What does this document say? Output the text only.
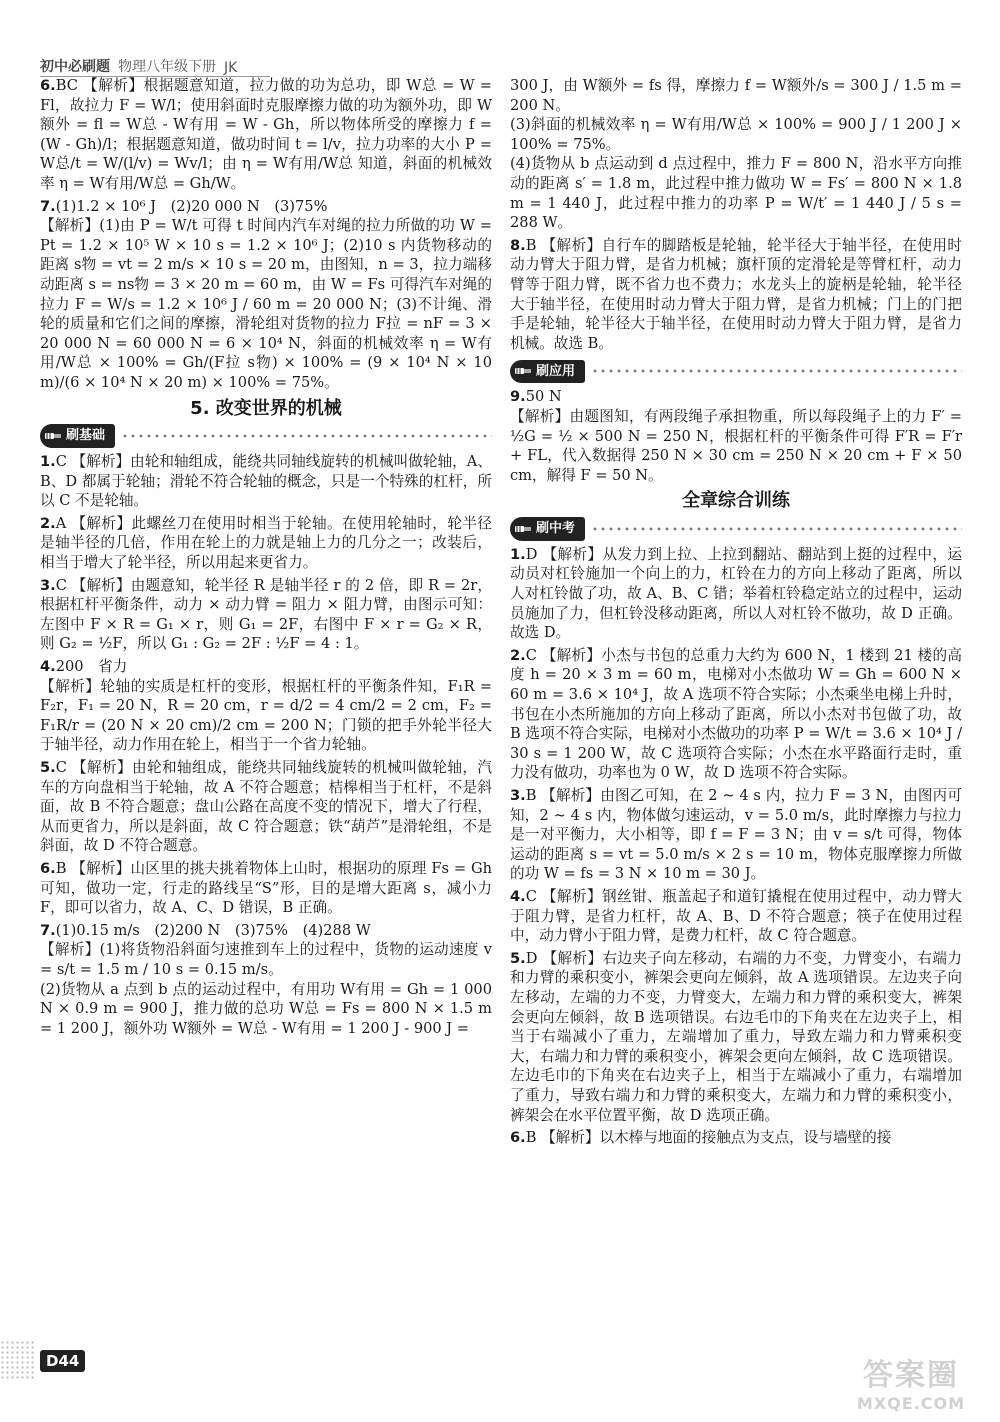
初中必刷题 物理八年级下册 JK
6.BC 【解析】根据题意知道，拉力做的功为总功，即 W总 = W = Fl，故拉力 F = W/l；使用斜面时克服摩擦力做的功为额外功，即 W额外 = fl = W总 - W有用 = W - Gh，所以物体所受的摩擦力 f = (W - Gh)/l；根据题意知道，做功时间 t = l/v，拉力功率的大小 P = W总/t = W/(l/v) = Wv/l；由 η = W有用/W总 知道，斜面的机械效率 η = W有用/W总 = Gh/W。
7.(1)1.2 × 10⁶ J　(2)20 000 N　(3)75%
【解析】(1)由 P = W/t 可得 t 时间内汽车对绳的拉力所做的功 W = Pt = 1.2 × 10⁵ W × 10 s = 1.2 × 10⁶ J；(2)10 s 内货物移动的距离 s物 = vt = 2 m/s × 10 s = 20 m，由图知，n = 3，拉力端移动距离 s = ns物 = 3 × 20 m = 60 m，由 W = Fs 可得汽车对绳的拉力 F = W/s = 1.2 × 10⁶ J / 60 m = 20 000 N；(3)不计绳、滑轮的质量和它们之间的摩擦，滑轮组对货物的拉力 F拉 = nF = 3 × 20 000 N = 60 000 N = 6 × 10⁴ N，斜面的机械效率 η = W有用/W总 × 100% = Gh/(F拉 s物) × 100% = (9 × 10⁴ N × 10 m)/(6 × 10⁴ N × 20 m) × 100% = 75%。
5. 改变世界的机械
刷基础
1.C 【解析】由轮和轴组成，能绕共同轴线旋转的机械叫做轮轴，A、B、D 都属于轮轴；滑轮不符合轮轴的概念，只是一个特殊的杠杆，所以 C 不是轮轴。
2.A 【解析】此螺丝刀在使用时相当于轮轴。在使用轮轴时，轮半径是轴半径的几倍，作用在轮上的力就是轴上力的几分之一；改装后，相当于增大了轮半径，所以用起来更省力。
3.C 【解析】由题意知，轮半径 R 是轴半径 r 的 2 倍，即 R = 2r，根据杠杆平衡条件，动力 × 动力臂 = 阻力 × 阻力臂，由图示可知：左图中 F × R = G₁ × r，则 G₁ = 2F，右图中 F × r = G₂ × R，则 G₂ = ½F，所以 G₁ : G₂ = 2F : ½F = 4 : 1。
4.200　省力
【解析】轮轴的实质是杠杆的变形，根据杠杆的平衡条件知，F₁R = F₂r，F₁ = 20 N，R = 20 cm，r = d/2 = 4 cm/2 = 2 cm，F₂ = F₁R/r = (20 N × 20 cm)/2 cm = 200 N；门锁的把手外轮半径大于轴半径，动力作用在轮上，相当于一个省力轮轴。
5.C 【解析】由轮和轴组成，能绕共同轴线旋转的机械叫做轮轴，汽车的方向盘相当于轮轴，故 A 不符合题意；桔槔相当于杠杆，不是斜面，故 B 不符合题意；盘山公路在高度不变的情况下，增大了行程，从而更省力，所以是斜面，故 C 符合题意；铁“葫芦”是滑轮组，不是斜面，故 D 不符合题意。
6.B 【解析】山区里的挑夫挑着物体上山时，根据功的原理 Fs = Gh 可知，做功一定，行走的路线呈“S”形，目的是增大距离 s，减小力 F，即可以省力，故 A、C、D 错误，B 正确。
7.(1)0.15 m/s　(2)200 N　(3)75%　(4)288 W
【解析】(1)将货物沿斜面匀速推到车上的过程中，货物的运动速度 v = s/t = 1.5 m / 10 s = 0.15 m/s。
(2)货物从 a 点到 b 点的运动过程中，有用功 W有用 = Gh = 1 000 N × 0.9 m = 900 J，推力做的总功 W总 = Fs = 800 N × 1.5 m = 1 200 J，额外功 W额外 = W总 - W有用 = 1 200 J - 900 J =
300 J，由 W额外 = fs 得，摩擦力 f = W额外/s = 300 J / 1.5 m = 200 N。
(3)斜面的机械效率 η = W有用/W总 × 100% = 900 J / 1 200 J × 100% = 75%。
(4)货物从 b 点运动到 d 点过程中，推力 F = 800 N，沿水平方向推动的距离 s′ = 1.8 m，此过程中推力做功 W = Fs′ = 800 N × 1.8 m = 1 440 J，此过程中推力的功率 P = W/t′ = 1 440 J / 5 s = 288 W。
8.B 【解析】自行车的脚踏板是轮轴，轮半径大于轴半径，在使用时动力臂大于阻力臂，是省力机械；旗杆顶的定滑轮是等臂杠杆，动力臂等于阻力臂，既不省力也不费力；水龙头上的旋柄是轮轴，轮半径大于轴半径，在使用时动力臂大于阻力臂，是省力机械；门上的门把手是轮轴，轮半径大于轴半径，在使用时动力臂大于阻力臂，是省力机械。故选 B。
刷应用
9.50 N
【解析】由题图知，有两段绳子承担物重，所以每段绳子上的力 F′ = ½G = ½ × 500 N = 250 N，根据杠杆的平衡条件可得 F′R = F′r + FL，代入数据得 250 N × 30 cm = 250 N × 20 cm + F × 50 cm，解得 F = 50 N。
全章综合训练
刷中考
1.D 【解析】从发力到上拉、上拉到翻站、翻站到上挺的过程中，运动员对杠铃施加一个向上的力，杠铃在力的方向上移动了距离，所以人对杠铃做了功，故 A、B、C 错；举着杠铃稳定站立的过程中，运动员施加了力，但杠铃没移动距离，所以人对杠铃不做功，故 D 正确。故选 D。
2.C 【解析】小杰与书包的总重力大约为 600 N，1 楼到 21 楼的高度 h = 20 × 3 m = 60 m，电梯对小杰做功 W = Gh = 600 N × 60 m = 3.6 × 10⁴ J，故 A 选项不符合实际；小杰乘坐电梯上升时，书包在小杰所施加的方向上移动了距离，所以小杰对书包做了功，故 B 选项不符合实际，电梯对小杰做功的功率 P = W/t = 3.6 × 10⁴ J / 30 s = 1 200 W，故 C 选项符合实际；小杰在水平路面行走时，重力没有做功，功率也为 0 W，故 D 选项不符合实际。
3.B 【解析】由图乙可知，在 2 ~ 4 s 内，拉力 F = 3 N，由图丙可知，2 ~ 4 s 内，物体做匀速运动，v = 5.0 m/s，此时摩擦力与拉力是一对平衡力，大小相等，即 f = F = 3 N；由 v = s/t 可得，物体运动的距离 s = vt = 5.0 m/s × 2 s = 10 m，物体克服摩擦力所做的功 W = fs = 3 N × 10 m = 30 J。
4.C 【解析】钢丝钳、瓶盖起子和道钉撬棍在使用过程中，动力臂大于阻力臂，是省力杠杆，故 A、B、D 不符合题意；筷子在使用过程中，动力臂小于阻力臂，是费力杠杆，故 C 符合题意。
5.D 【解析】右边夹子向左移动，右端的力不变，力臂变小，右端力和力臂的乘积变小，裤架会更向左倾斜，故 A 选项错误。左边夹子向左移动，左端的力不变，力臂变大，左端力和力臂的乘积变大，裤架会更向左倾斜，故 B 选项错误。右边毛巾的下角夹在左边夹子上，相当于右端减小了重力，左端增加了重力，导致左端力和力臂乘积变大，右端力和力臂的乘积变小，裤架会更向左倾斜，故 C 选项错误。左边毛巾的下角夹在右边夹子上，相当于左端减小了重力，右端增加了重力，导致右端力和力臂的乘积变大，左端力和力臂的乘积变小，裤架会在水平位置平衡，故 D 选项正确。
6.B 【解析】以木棒与地面的接触点为支点，设与墙壁的接
D44	答案圈
MXQE.COM
